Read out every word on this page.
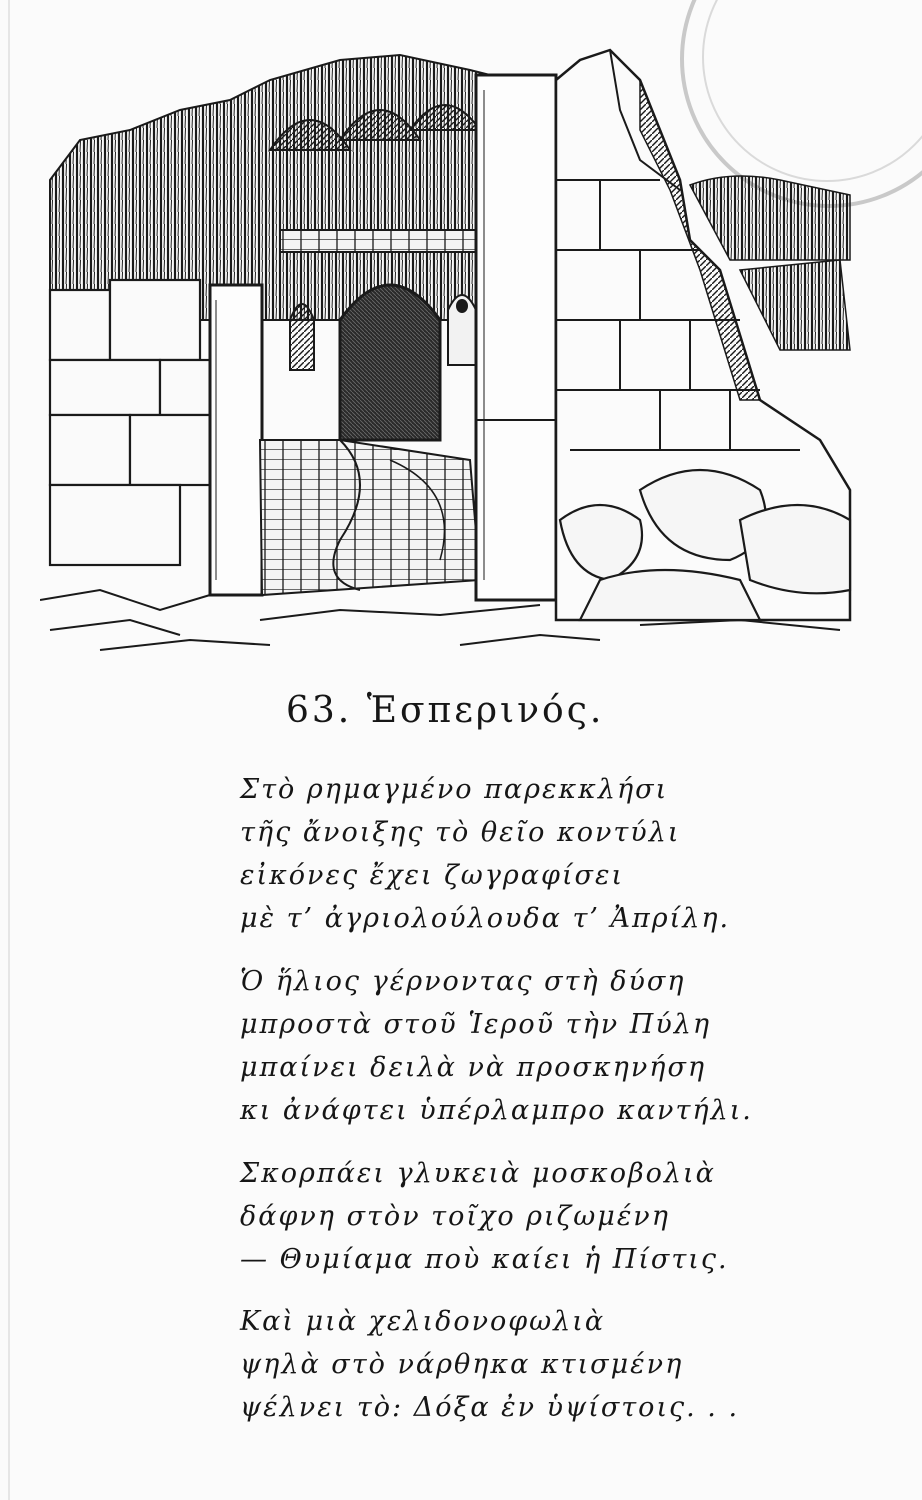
63. Ἑσπερινός.
Στὸ ρημαγμένο παρεκκλήσι
τῆς ἄνοιξης τὸ θεῖο κοντύλι
εἰκόνες ἔχει ζωγραφίσει
μὲ τ’ ἀγριολούλουδα τ’ Ἀπρίλη.
Ὁ ἥλιος γέρνοντας στὴ δύση
μπροστὰ στοῦ Ἱεροῦ τὴν Πύλη
μπαίνει δειλὰ νὰ προσκηνήση
κι ἀνάφτει ὑπέρλαμπρο καντήλι.
Σκορπάει γλυκειὰ μοσκοβολιὰ
δάφνη στὸν τοῖχο ριζωμένη
— Θυμίαμα ποὺ καίει ἡ Πίστις.
Καὶ μιὰ χελιδονοφωλιὰ
ψηλὰ στὸ νάρθηκα κτισμένη
ψέλνει τὸ: Δόξα ἐν ὑψίστοις. . .
